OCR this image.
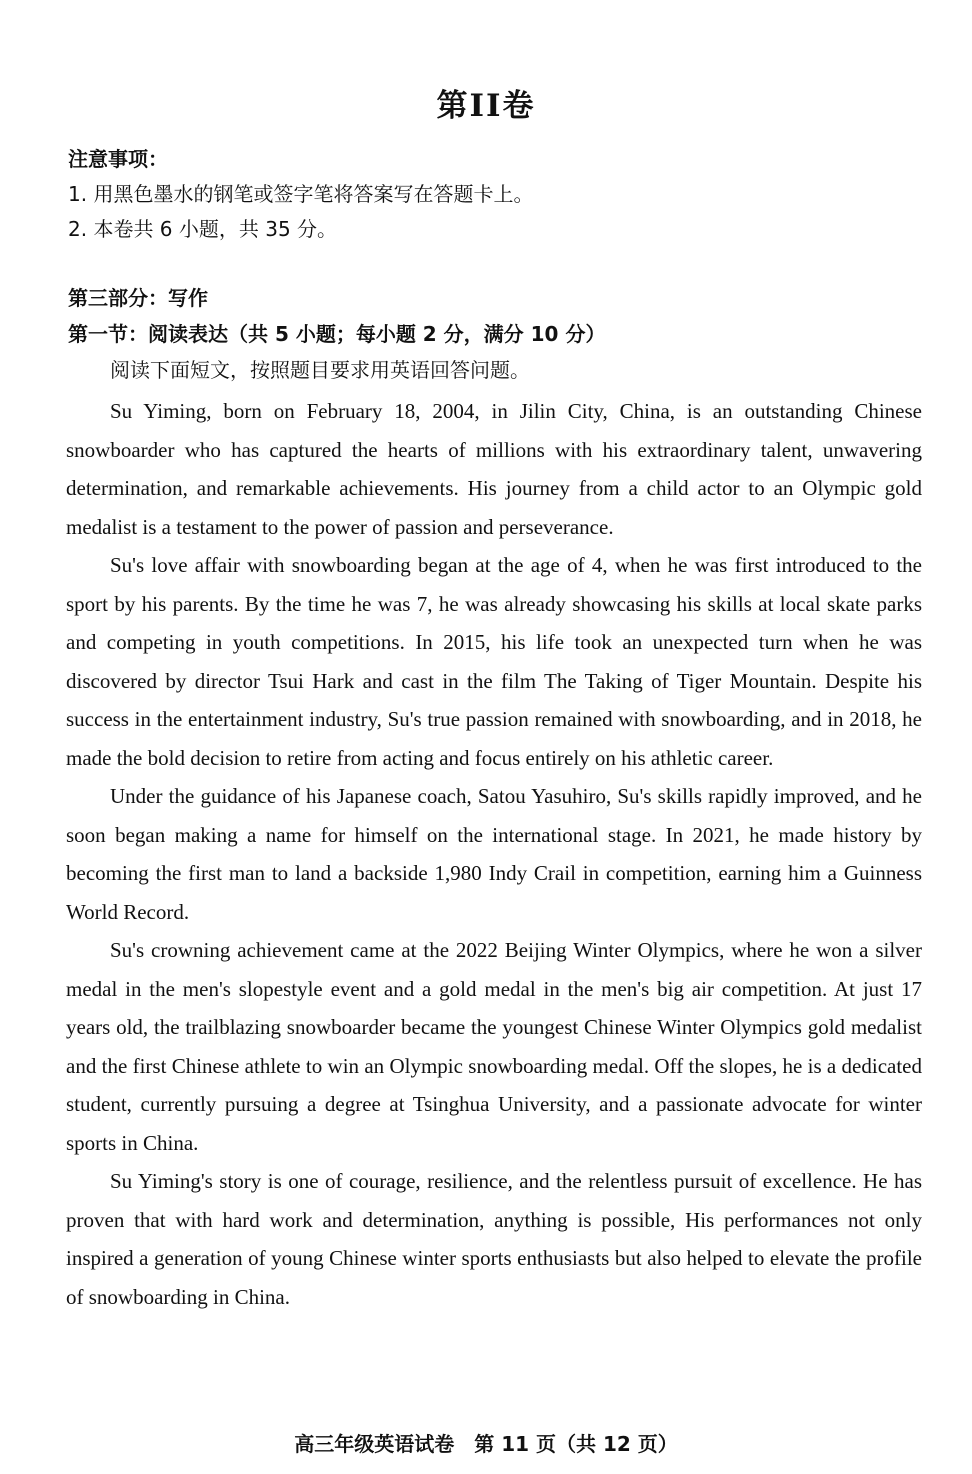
第II卷
注意事项：
1. 用黑色墨水的钢笔或签字笔将答案写在答题卡上。
2. 本卷共 6 小题，共 35 分。
第三部分：写作
第一节：阅读表达（共 5 小题；每小题 2 分，满分 10 分）
阅读下面短文，按照题目要求用英语回答问题。

Su Yiming, born on February 18, 2004, in Jilin City, China, is an outstanding Chinese snowboarder who has captured the hearts of millions with his extraordinary talent, unwavering determination, and remarkable achievements. His journey from a child actor to an Olympic gold medalist is a testament to the power of passion and perseverance.

Su's love affair with snowboarding began at the age of 4, when he was first introduced to the sport by his parents. By the time he was 7, he was already showcasing his skills at local skate parks and competing in youth competitions. In 2015, his life took an unexpected turn when he was discovered by director Tsui Hark and cast in the film The Taking of Tiger Mountain. Despite his success in the entertainment industry, Su's true passion remained with snowboarding, and in 2018, he made the bold decision to retire from acting and focus entirely on his athletic career.

Under the guidance of his Japanese coach, Satou Yasuhiro, Su's skills rapidly improved, and he soon began making a name for himself on the international stage. In 2021, he made history by becoming the first man to land a backside 1,980 Indy Crail in competition, earning him a Guinness World Record.

Su's crowning achievement came at the 2022 Beijing Winter Olympics, where he won a silver medal in the men's slopestyle event and a gold medal in the men's big air competition. At just 17 years old, the trailblazing snowboarder became the youngest Chinese Winter Olympics gold medalist and the first Chinese athlete to win an Olympic snowboarding medal. Off the slopes, he is a dedicated student, currently pursuing a degree at Tsinghua University, and a passionate advocate for winter sports in China.

Su Yiming's story is one of courage, resilience, and the relentless pursuit of excellence. He has proven that with hard work and determination, anything is possible, His performances not only inspired a generation of young Chinese winter sports enthusiasts but also helped to elevate the profile of snowboarding in China.

高三年级英语试卷　第 11 页（共 12 页）
